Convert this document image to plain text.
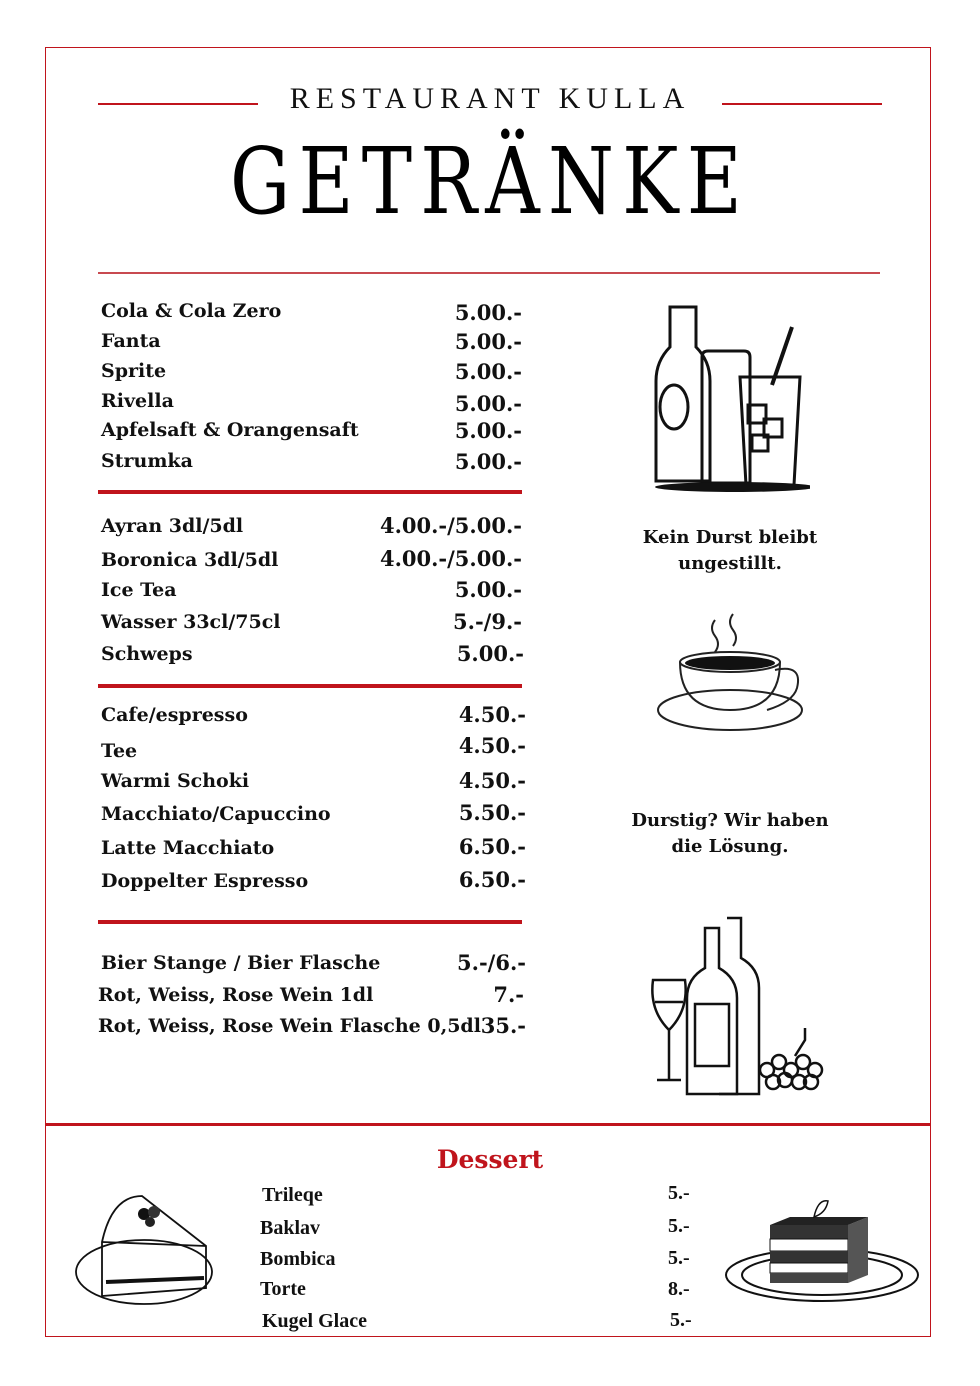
RESTAURANT KULLA
GETRÄNKE
Cola & Cola Zero	5.00.-
Fanta	5.00.-
Sprite	5.00.-
Rivella	5.00.-
Apfelsaft & Orangensaft	5.00.-
Strumka	5.00.-
Ayran 3dl/5dl	4.00.-/5.00.-
Boronica 3dl/5dl	4.00.-/5.00.-
Ice Tea	5.00.-
Wasser 33cl/75cl	5.-/9.-
Schweps	5.00.-
Cafe/espresso	4.50.-
Tee	4.50.-
Warmi Schoki	4.50.-
Macchiato/Capuccino	5.50.-
Latte Macchiato	6.50.-
Doppelter Espresso	6.50.-
Bier Stange / Bier Flasche	5.-/6.-
Rot, Weiss, Rose Wein 1dl	7.-
Rot, Weiss, Rose Wein Flasche 0,5dl 35.-
Kein Durst bleibt
ungestillt.
Durstig? Wir haben
die Lösung.
Dessert
Trileqe	5.-
Baklav	5.-
Bombica	5.-
Torte	8.-
Kugel Glace	5.-
